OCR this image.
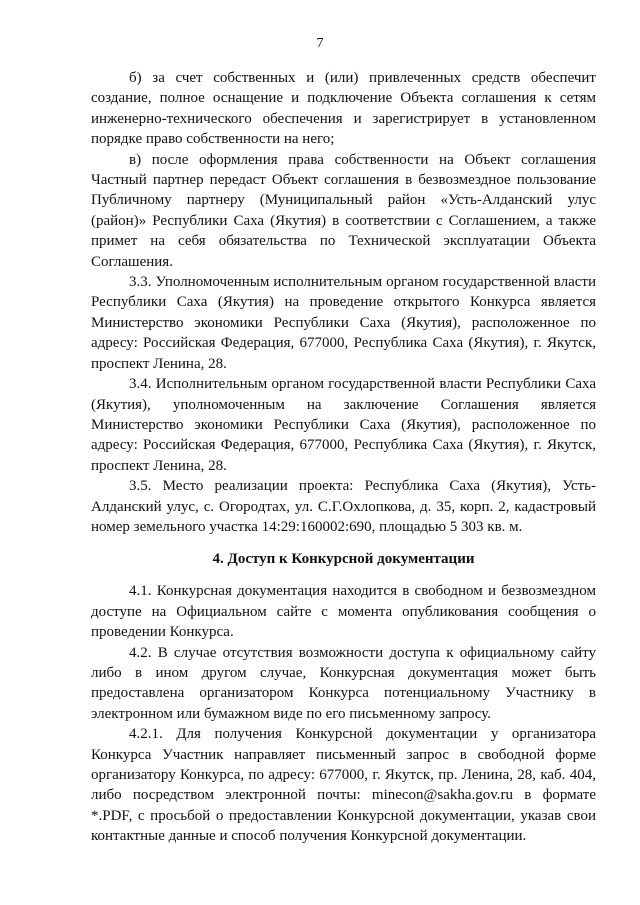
7

б) за счет собственных и (или) привлеченных средств обеспечит создание, полное оснащение и подключение Объекта соглашения к сетям инженерно-технического обеспечения и зарегистрирует в установленном порядке право собственности на него;

в) после оформления права собственности на Объект соглашения Частный партнер передаст Объект соглашения в безвозмездное пользование Публичному партнеру (Муниципальный район «Усть-Алданский улус (район)» Республики Саха (Якутия) в соответствии с Соглашением, а также примет на себя обязательства по Технической эксплуатации Объекта Соглашения.

3.3. Уполномоченным исполнительным органом государственной власти Республики Саха (Якутия) на проведение открытого Конкурса является Министерство экономики Республики Саха (Якутия), расположенное по адресу: Российская Федерация, 677000, Республика Саха (Якутия), г. Якутск, проспект Ленина, 28.

3.4. Исполнительным органом государственной власти Республики Саха (Якутия), уполномоченным на заключение Соглашения является Министерство экономики Республики Саха (Якутия), расположенное по адресу: Российская Федерация, 677000, Республика Саха (Якутия), г. Якутск, проспект Ленина, 28.

3.5. Место реализации проекта: Республика Саха (Якутия), Усть-Алданский улус, с. Огородтах, ул. С.Г.Охлопкова, д. 35, корп. 2, кадастровый номер земельного участка 14:29:160002:690, площадью 5 303 кв. м.

4. Доступ к Конкурсной документации

4.1. Конкурсная документация находится в свободном и безвозмездном доступе на Официальном сайте с момента опубликования сообщения о проведении Конкурса.

4.2. В случае отсутствия возможности доступа к официальному сайту либо в ином другом случае, Конкурсная документация может быть предоставлена организатором Конкурса потенциальному Участнику в электронном или бумажном виде по его письменному запросу.

4.2.1. Для получения Конкурсной документации у организатора Конкурса Участник направляет письменный запрос в свободной форме организатору Конкурса, по адресу: 677000, г. Якутск, пр. Ленина, 28, каб. 404, либо посредством электронной почты: minecon@sakha.gov.ru в формате *.PDF, с просьбой о предоставлении Конкурсной документации, указав свои контактные данные и способ получения Конкурсной документации.
